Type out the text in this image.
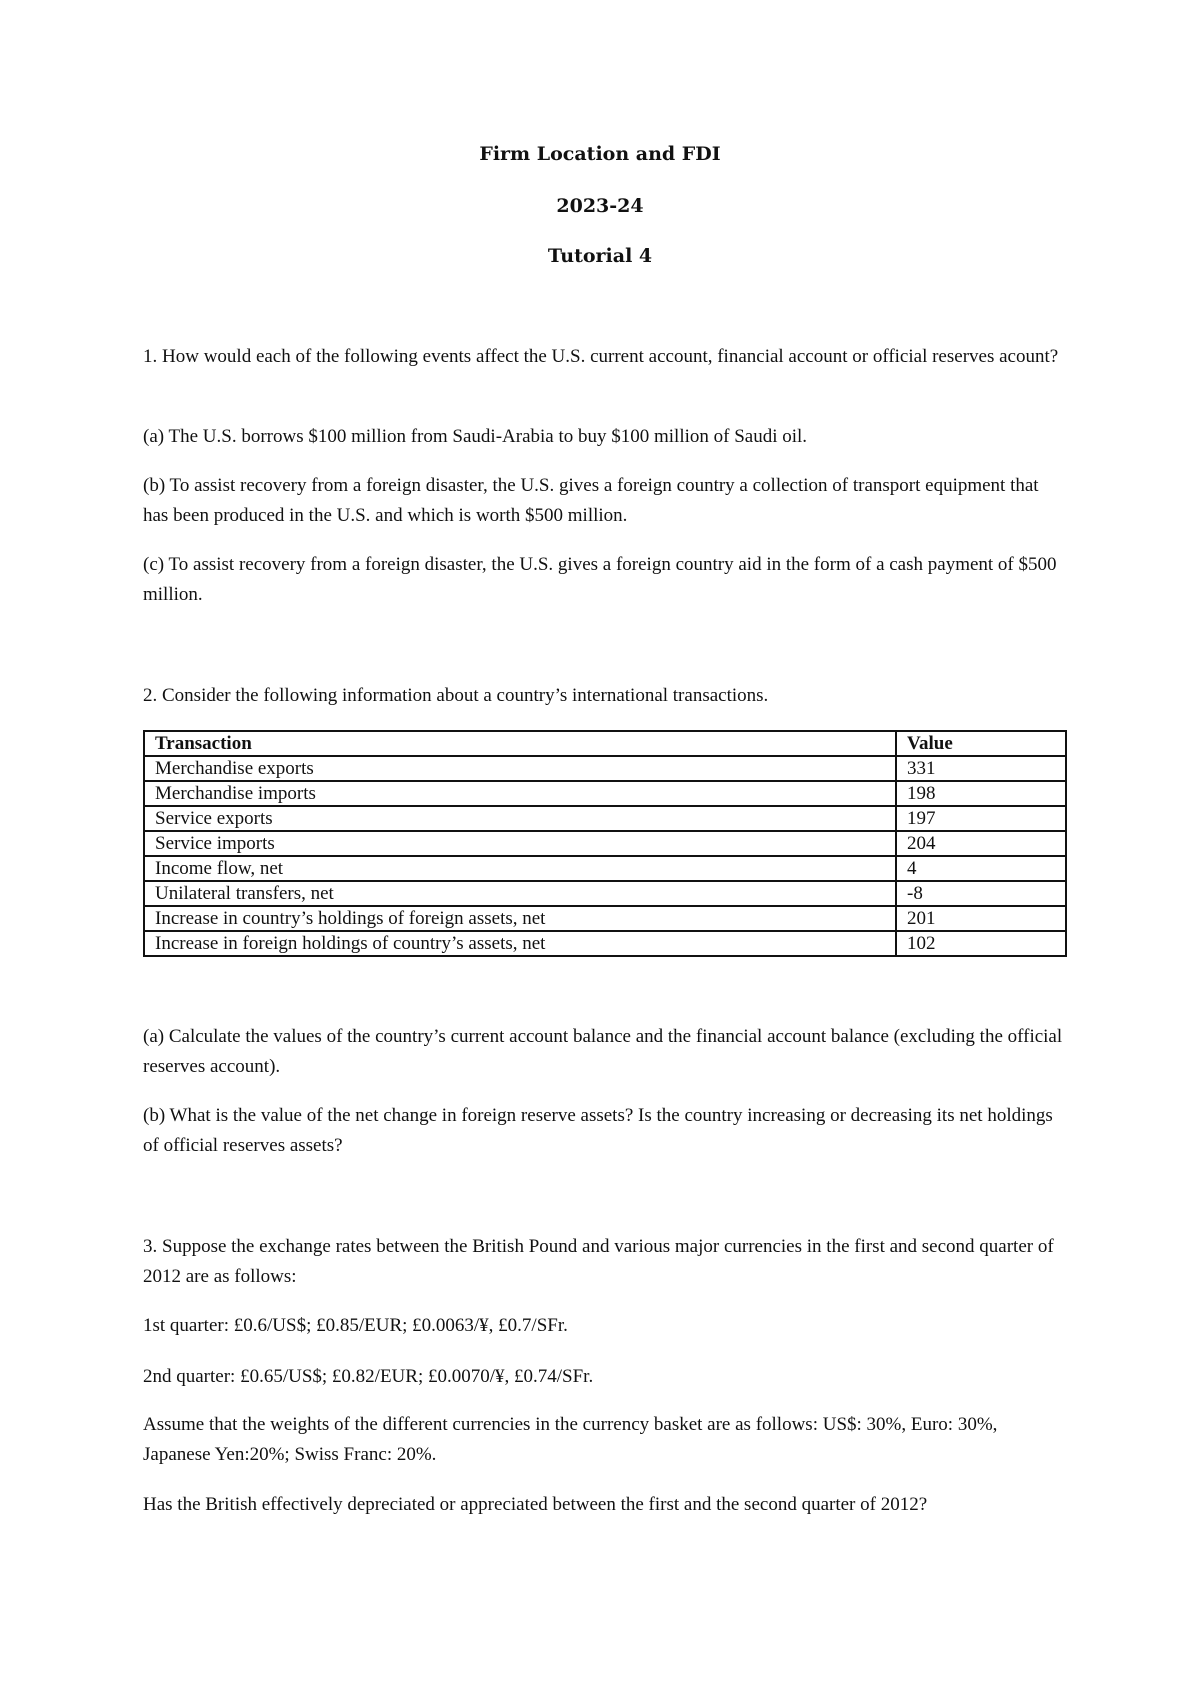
Firm Location and FDI
2023-24
Tutorial 4

1. How would each of the following events affect the U.S. current account, financial account or official reserves acount?

(a) The U.S. borrows $100 million from Saudi-Arabia to buy $100 million of Saudi oil.

(b) To assist recovery from a foreign disaster, the U.S. gives a foreign country a collection of transport equipment that has been produced in the U.S. and which is worth $500 million.

(c) To assist recovery from a foreign disaster, the U.S. gives a foreign country aid in the form of a cash payment of $500 million.

2. Consider the following information about a country’s international transactions.

Transaction	Value
Merchandise exports	331
Merchandise imports	198
Service exports	197
Service imports	204
Income flow, net	4
Unilateral transfers, net	-8
Increase in country’s holdings of foreign assets, net	201
Increase in foreign holdings of country’s assets, net	102

(a) Calculate the values of the country’s current account balance and the financial account balance (excluding the official reserves account).

(b) What is the value of the net change in foreign reserve assets? Is the country increasing or decreasing its net holdings of official reserves assets?

3. Suppose the exchange rates between the British Pound and various major currencies in the first and second quarter of 2012 are as follows:

1st quarter: £0.6/US$; £0.85/EUR; £0.0063/¥, £0.7/SFr.

2nd quarter: £0.65/US$; £0.82/EUR; £0.0070/¥, £0.74/SFr.

Assume that the weights of the different currencies in the currency basket are as follows: US$: 30%, Euro: 30%, Japanese Yen:20%; Swiss Franc: 20%.

Has the British effectively depreciated or appreciated between the first and the second quarter of 2012?
